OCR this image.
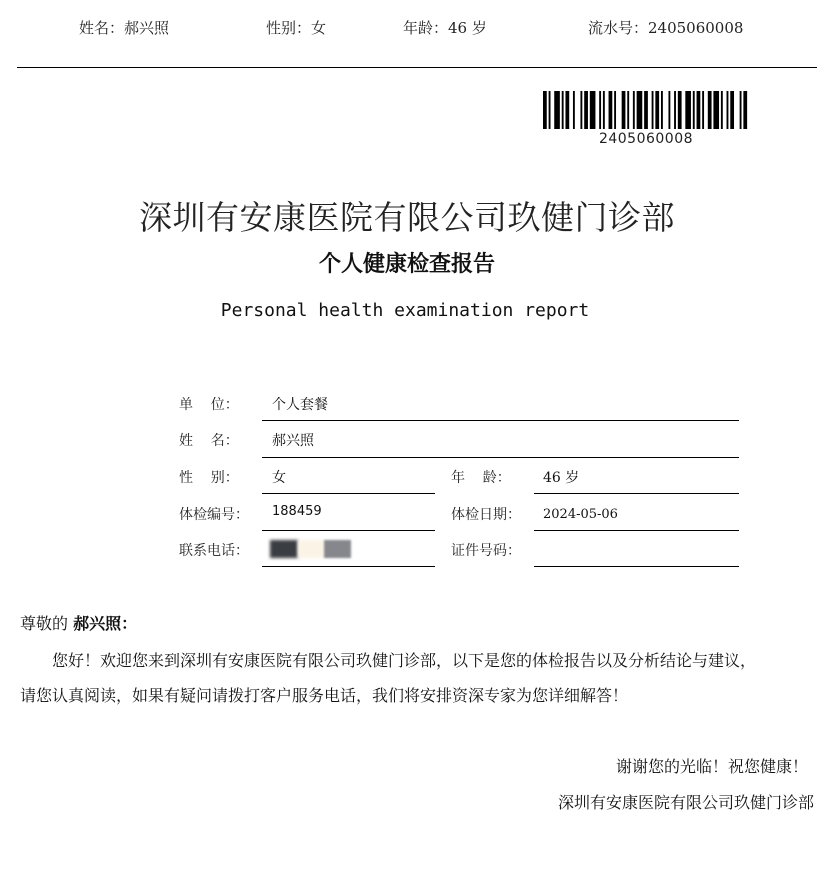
姓名：郝兴照	性别：女	年龄：46 岁	流水号：2405060008
2405060008
深圳有安康医院有限公司玖健门诊部
个人健康检查报告
Personal health examination report
单    位： 个人套餐
姓    名： 郝兴照
性    别： 女	年    龄： 46 岁
体检编号： 188459	体检日期： 2024-05-06
联系电话：	证件号码：
尊敬的 郝兴照：
您好！欢迎您来到深圳有安康医院有限公司玖健门诊部，以下是您的体检报告以及分析结论与建议，
请您认真阅读，如果有疑问请拨打客户服务电话，我们将安排资深专家为您详细解答！
谢谢您的光临！祝您健康！
深圳有安康医院有限公司玖健门诊部
